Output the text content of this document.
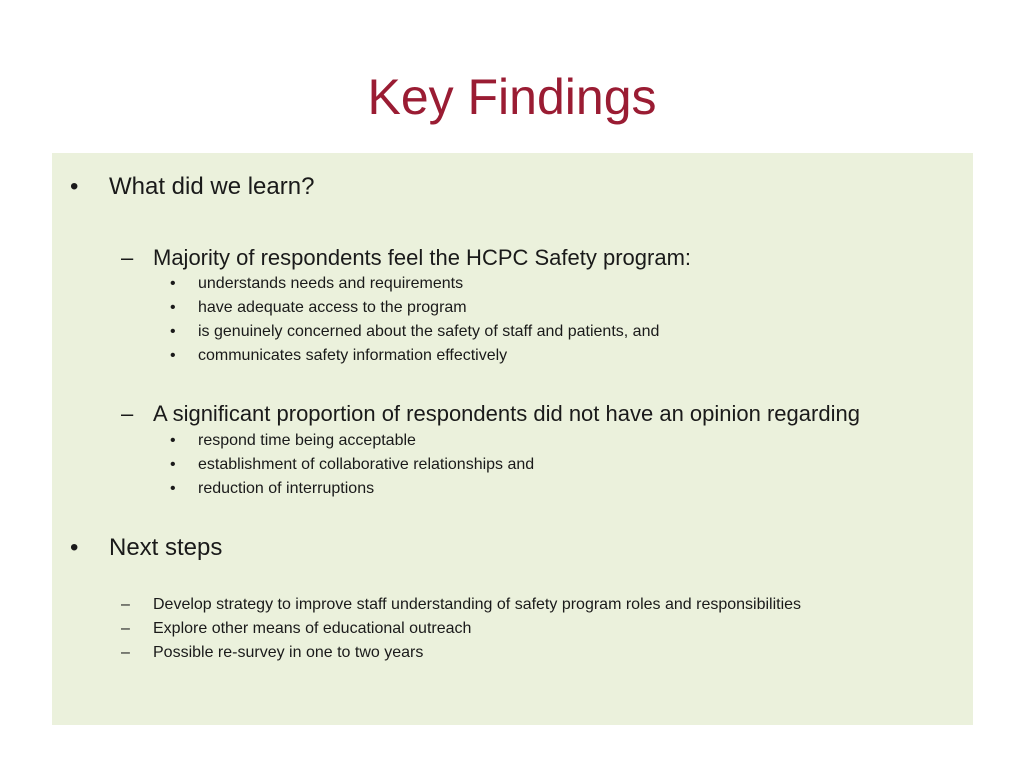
Key Findings
• What did we learn?
– Majority of respondents feel the HCPC Safety program:
• understands needs and requirements
• have adequate access to the program
• is genuinely concerned about the safety of staff and patients, and
• communicates safety information effectively
– A significant proportion of respondents did not have an opinion regarding
• respond time being acceptable
• establishment of collaborative relationships and
• reduction of interruptions
• Next steps
– Develop strategy to improve staff understanding of safety program roles and responsibilities
– Explore other means of educational outreach
– Possible re-survey in one to two years
